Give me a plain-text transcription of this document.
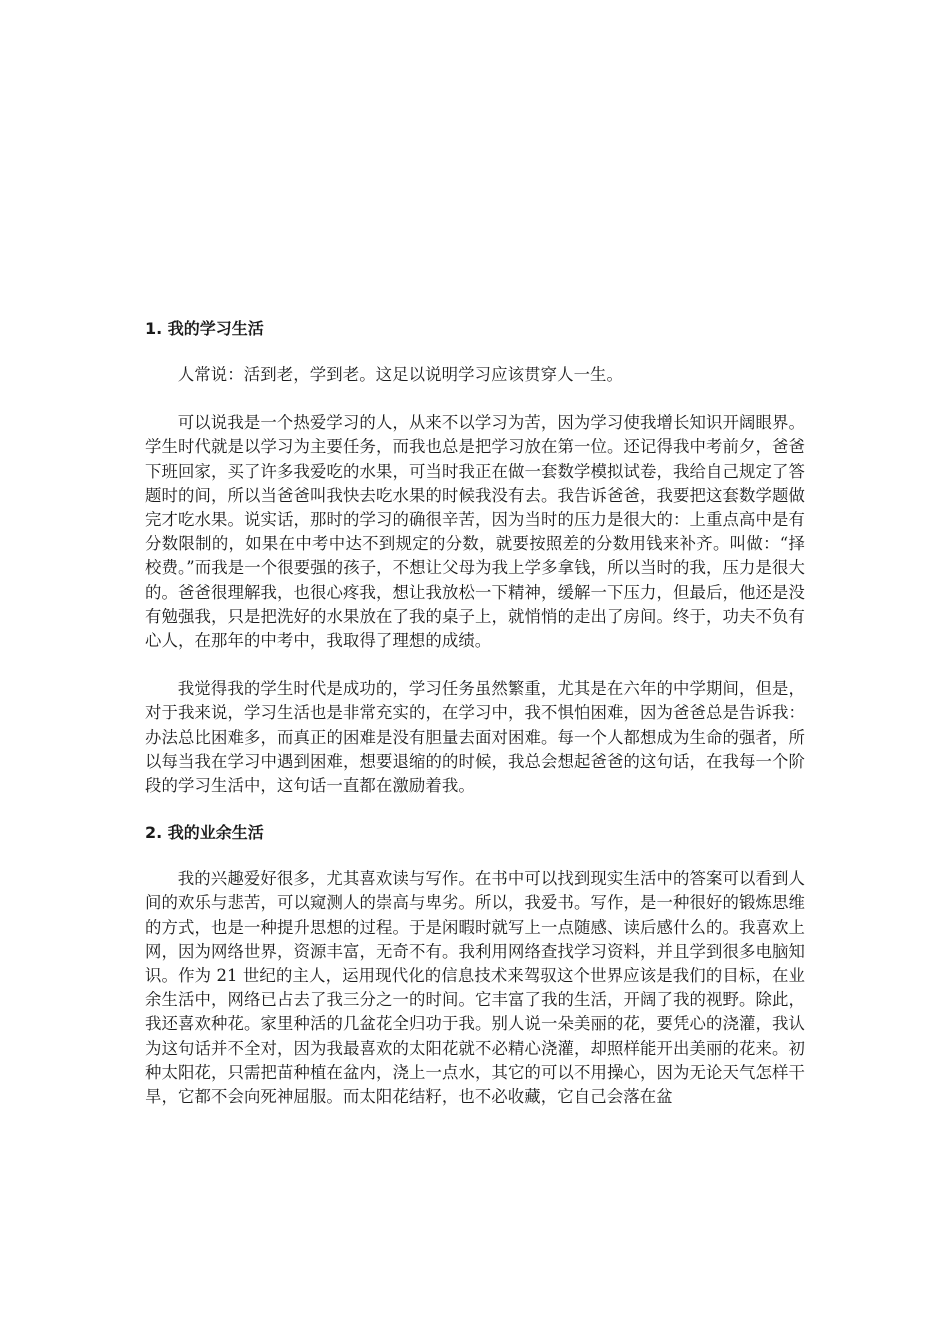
1. 我的学习生活

人常说：活到老，学到老。这足以说明学习应该贯穿人一生。

可以说我是一个热爱学习的人，从来不以学习为苦，因为学习使我增长知识开阔眼界。学生时代就是以学习为主要任务，而我也总是把学习放在第一位。还记得我中考前夕，爸爸下班回家，买了许多我爱吃的水果，可当时我正在做一套数学模拟试卷，我给自己规定了答题时的间，所以当爸爸叫我快去吃水果的时候我没有去。我告诉爸爸，我要把这套数学题做完才吃水果。说实话，那时的学习的确很辛苦，因为当时的压力是很大的：上重点高中是有分数限制的，如果在中考中达不到规定的分数，就要按照差的分数用钱来补齐。叫做：“择校费。”而我是一个很要强的孩子，不想让父母为我上学多拿钱，所以当时的我，压力是很大的。爸爸很理解我，也很心疼我，想让我放松一下精神，缓解一下压力，但最后，他还是没有勉强我，只是把洗好的水果放在了我的桌子上，就悄悄的走出了房间。终于，功夫不负有心人，在那年的中考中，我取得了理想的成绩。

我觉得我的学生时代是成功的，学习任务虽然繁重，尤其是在六年的中学期间，但是，对于我来说，学习生活也是非常充实的，在学习中，我不惧怕困难，因为爸爸总是告诉我：办法总比困难多，而真正的困难是没有胆量去面对困难。每一个人都想成为生命的强者，所以每当我在学习中遇到困难，想要退缩的的时候，我总会想起爸爸的这句话，在我每一个阶段的学习生活中，这句话一直都在激励着我。

2. 我的业余生活

我的兴趣爱好很多，尤其喜欢读与写作。在书中可以找到现实生活中的答案可以看到人间的欢乐与悲苦，可以窥测人的崇高与卑劣。所以，我爱书。写作，是一种很好的锻炼思维的方式，也是一种提升思想的过程。于是闲暇时就写上一点随感、读后感什么的。我喜欢上网，因为网络世界，资源丰富，无奇不有。我利用网络查找学习资料，并且学到很多电脑知识。作为 21 世纪的主人，运用现代化的信息技术来驾驭这个世界应该是我们的目标，在业余生活中，网络已占去了我三分之一的时间。它丰富了我的生活，开阔了我的视野。除此，我还喜欢种花。家里种活的几盆花全归功于我。别人说一朵美丽的花，要凭心的浇灌，我认为这句话并不全对，因为我最喜欢的太阳花就不必精心浇灌，却照样能开出美丽的花来。初种太阳花，只需把苗种植在盆内，浇上一点水，其它的可以不用操心，因为无论天气怎样干旱，它都不会向死神屈服。而太阳花结籽，也不必收藏，它自己会落在盆
